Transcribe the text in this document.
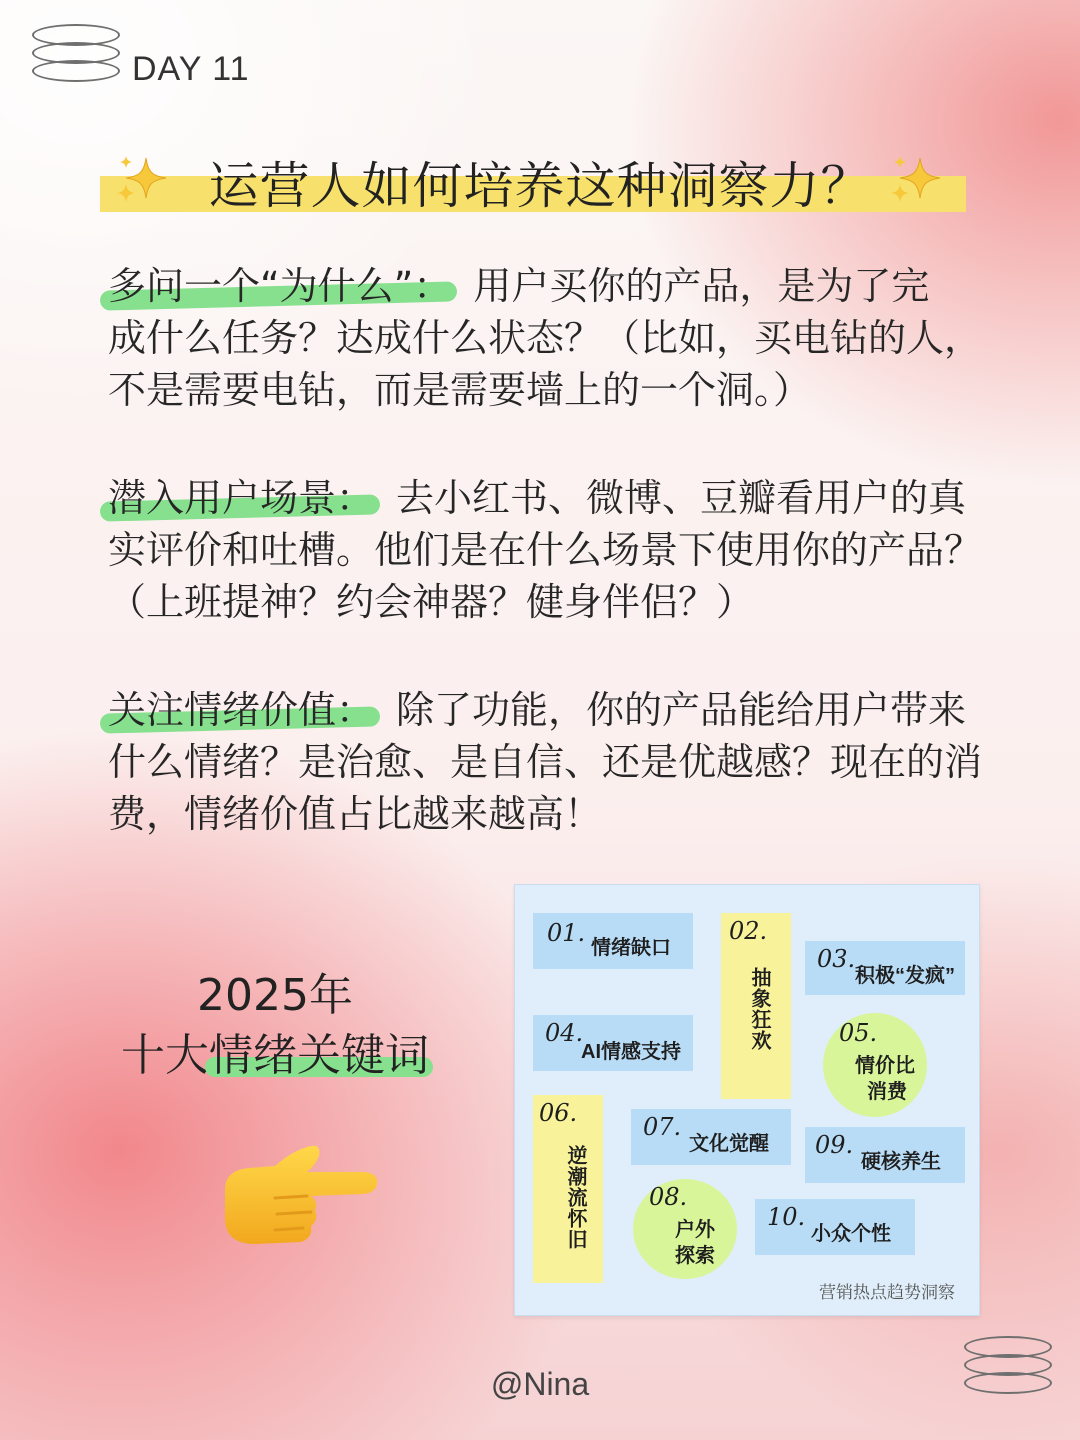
DAY 11
运营人如何培养这种洞察力？
多问一个“为什么”： 用户买你的产品，是为了完
成什么任务？达成什么状态？（比如，买电钻的人，
不是需要电钻，而是需要墙上的一个洞。）
潜入用户场景： 去小红书、微博、豆瓣看用户的真
实评价和吐槽。他们是在什么场景下使用你的产品？
（上班提神？约会神器？健身伴侣？）
关注情绪价值： 除了功能，你的产品能给用户带来
什么情绪？是治愈、是自信、还是优越感？现在的消
费，情绪价值占比越来越高！
2025年
十大情绪关键词
01.
情绪缺口
02.
抽象狂欢
03.
积极“发疯”
04.
AI情感支持
05.
情价比
消费
06.
逆潮流怀旧
07.
文化觉醒 09.
硬核养生
08.
户外
探索
10.
小众个性
营销热点趋势洞察
@Nina
